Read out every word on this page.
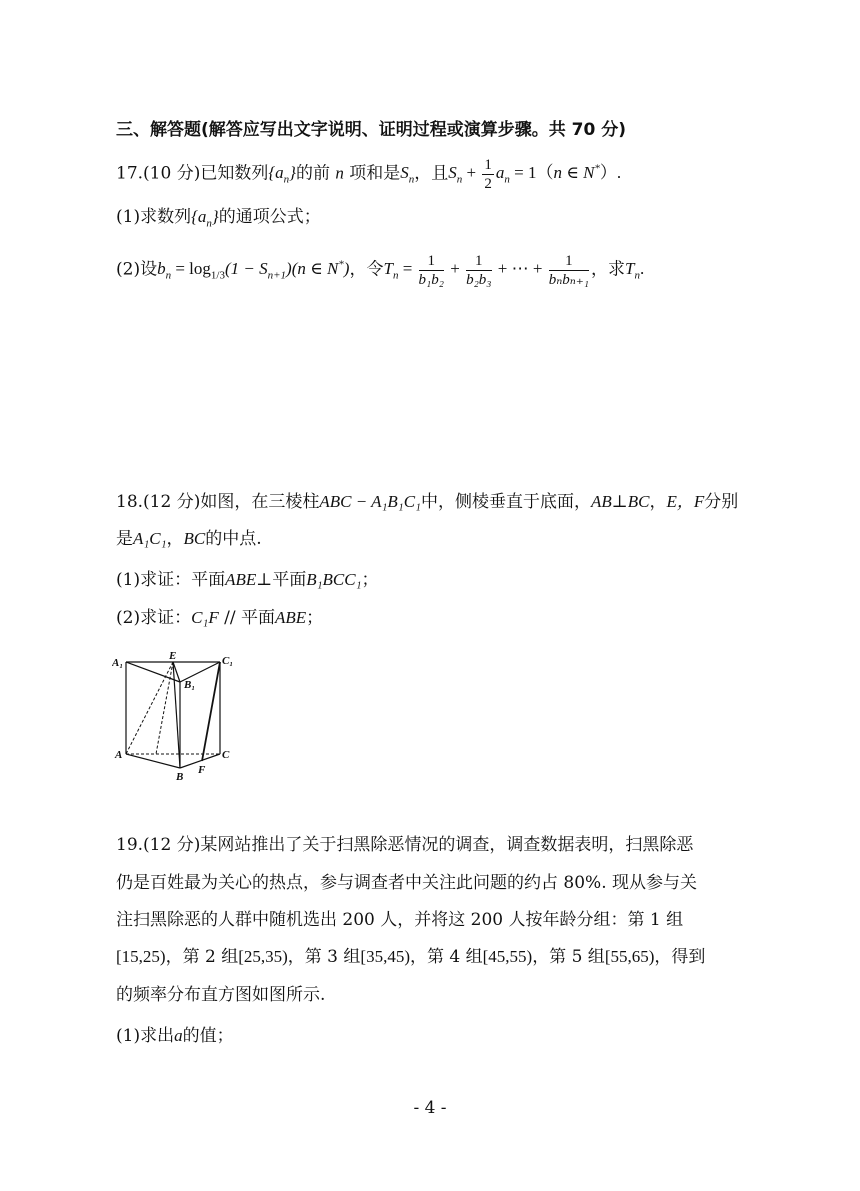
三、解答题(解答应写出文字说明、证明过程或演算步骤。共 70 分)
17.(10 分)已知数列$\{a_n\}$的前 n 项和是$S_n$，且$S_n + \frac{1}{2} a_n = 1(n$ ∈ N*）.
(1)求数列$\{a_n\}$的通项公式；
(2)设$b_n = \log_{1/3}(1 - S_{n+1})(n$ ∈ N*)，令$T_n = \frac{1}{\text{b₁b₂}} + \frac{1}{\text{b₂b₃}}$ + ⋯ + $\frac{1}{\text{bₙbₙ₊₁}}$ ，求$T_n$.
18.(12 分)如图，在三棱柱ABC − A₁B₁C₁中，侧棱垂直于底面，AB⊥BC，E，F分别
是A₁C₁，BC的中点.
(1)求证：平面ABE⊥平面B₁BCC₁；
(2)求证：C₁F // 平面ABE；
A₁
E	C₁
B₁
A	C
B
F
19.(12 分)某网站推出了关于扫黑除恶情况的调查，调查数据表明，扫黑除恶
仍是百姓最为关心的热点，参与调查者中关注此问题的约占 80%. 现从参与关
注扫黑除恶的人群中随机选出 200 人，并将这 200 人按年龄分组：第 1 组
[15,25)，第 2 组[25,35)，第 3 组[35,45)，第 4 组[45,55)，第 5 组[55,65)，得到
的频率分布直方图如图所示.
(1)求出a的值；
- 4 -
